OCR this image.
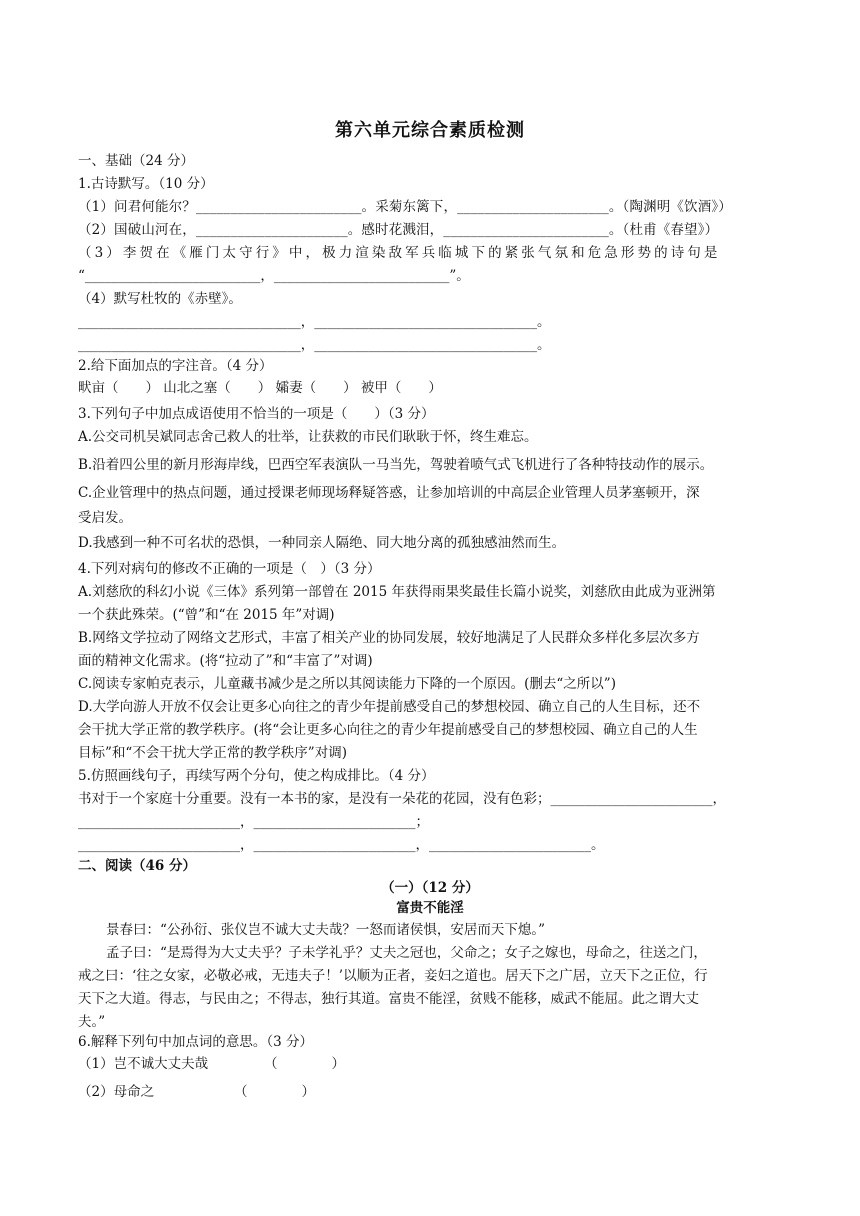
第六单元综合素质检测
一、基础（24 分）
1.古诗默写。（10 分）
（1）问君何能尔？________________________。采菊东篱下，______________________。（陶渊明《饮酒》）
（2）国破山河在，______________________。感时花溅泪，________________________。（杜甫《春望》）
（3）李贺在《雁门太守行》中，极力渲染敌军兵临城下的紧张气氛和危急形势的诗句是
“__________________________，__________________________”。
（4）默写杜牧的《赤壁》。
_________________________________，_________________________________。
_________________________________，_________________________________。
2.给下面加点的字注音。（4 分）
畎亩（　　） 山北之塞（　　） 孀妻（　　） 被甲（　　）
3.下列句子中加点成语使用不恰当的一项是（　　）（3 分）
A.公交司机吴斌同志舍己救人的壮举，让获救的市民们耿耿于怀，终生难忘。
B.沿着四公里的新月形海岸线，巴西空军表演队一马当先，驾驶着喷气式飞机进行了各种特技动作的展示。
C.企业管理中的热点问题，通过授课老师现场释疑答惑，让参加培训的中高层企业管理人员茅塞顿开，深
受启发。
D.我感到一种不可名状的恐惧，一种同亲人隔绝、同大地分离的孤独感油然而生。
4.下列对病句的修改不正确的一项是（　）（3 分）
A.刘慈欣的科幻小说《三体》系列第一部曾在 2015 年获得雨果奖最佳长篇小说奖，刘慈欣由此成为亚洲第
一个获此殊荣。(“曾”和“在 2015 年”对调)
B.网络文学拉动了网络文艺形式，丰富了相关产业的协同发展，较好地满足了人民群众多样化多层次多方
面的精神文化需求。(将“拉动了”和“丰富了”对调)
C.阅读专家帕克表示，儿童藏书减少是之所以其阅读能力下降的一个原因。(删去“之所以”)
D.大学向游人开放不仅会让更多心向往之的青少年提前感受自己的梦想校园、确立自己的人生目标，还不
会干扰大学正常的教学秩序。(将“会让更多心向往之的青少年提前感受自己的梦想校园、确立自己的人生
目标”和“不会干扰大学正常的教学秩序”对调)
5.仿照画线句子，再续写两个分句，使之构成排比。（4 分）
书对于一个家庭十分重要。没有一本书的家，是没有一朵花的花园，没有色彩；________________________，
________________________，________________________；
________________________，________________________，________________________。
二、阅读（46 分）
（一）（12 分）
富贵不能淫
景春曰：“公孙衍、张仪岂不诚大丈夫哉？一怒而诸侯惧，安居而天下熄。”
孟子曰：“是焉得为大丈夫乎？子未学礼乎？丈夫之冠也，父命之；女子之嫁也，母命之，往送之门，
戒之曰：‘往之女家，必敬必戒，无违夫子！’以顺为正者，妾妇之道也。居天下之广居，立天下之正位，行
天下之大道。得志，与民由之；不得志，独行其道。富贵不能淫，贫贱不能移，威武不能屈。此之谓大丈
夫。”
6.解释下列句中加点词的意思。（3 分）
（1）岂不诚大丈夫哉	（　　　　）
（2）母命之	（　　　　）
